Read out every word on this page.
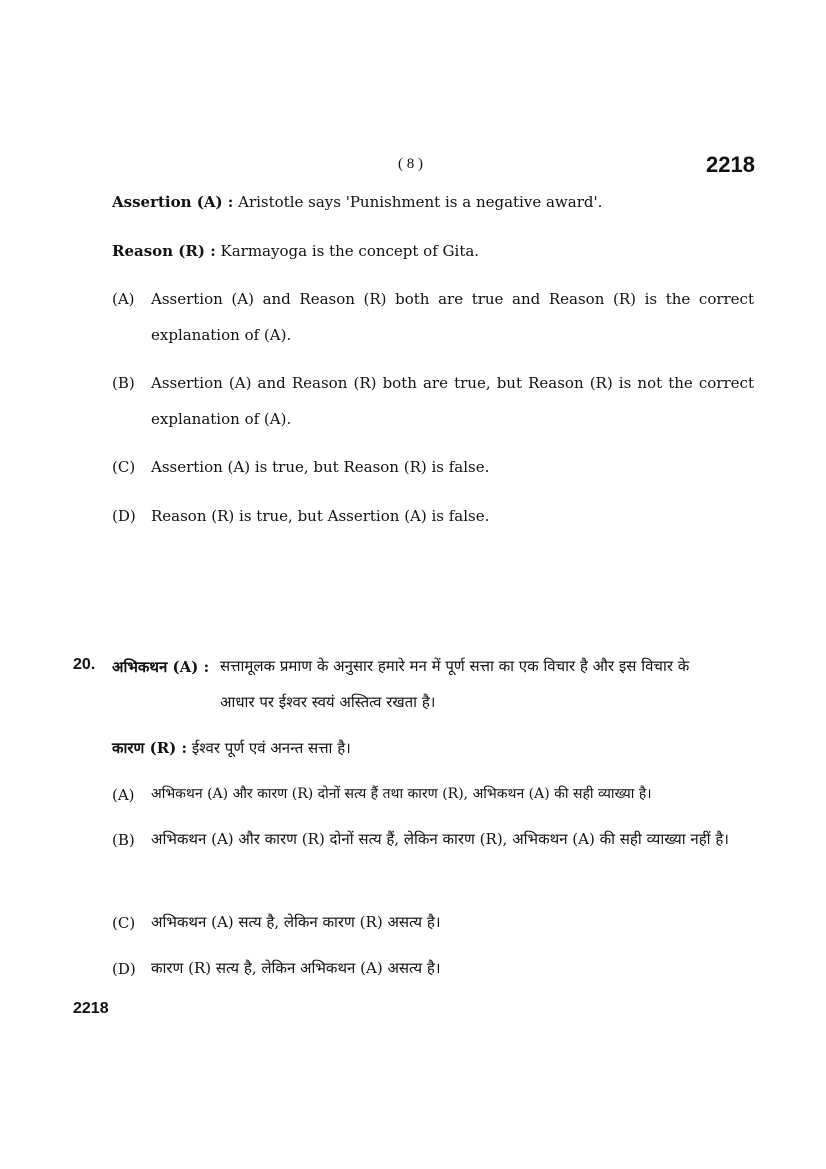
( 8 )	2218
Assertion (A) : Aristotle says 'Punishment is a negative award'.
Reason (R) : Karmayoga is the concept of Gita.
(A) Assertion (A) and Reason (R) both are true and Reason (R) is the correct explanation of (A).
(B) Assertion (A) and Reason (R) both are true, but Reason (R) is not the correct explanation of (A).
(C) Assertion (A) is true, but Reason (R) is false.
(D) Reason (R) is true, but Assertion (A) is false.
20. अभिकथन (A) : सत्तामूलक प्रमाण के अनुसार हमारे मन में पूर्ण सत्ता का एक विचार है और इस विचार के
आधार पर ईश्वर स्वयं अस्तित्व रखता है।
कारण (R) : ईश्वर पूर्ण एवं अनन्त सत्ता है।
(A) अभिकथन (A) और कारण (R) दोनों सत्य हैं तथा कारण (R), अभिकथन (A) की सही व्याख्या है।
(B) अभिकथन (A) और कारण (R) दोनों सत्य हैं, लेकिन कारण (R), अभिकथन (A) की सही व्याख्या नहीं है।
(C) अभिकथन (A) सत्य है, लेकिन कारण (R) असत्य है।
(D) कारण (R) सत्य है, लेकिन अभिकथन (A) असत्य है।
2218
